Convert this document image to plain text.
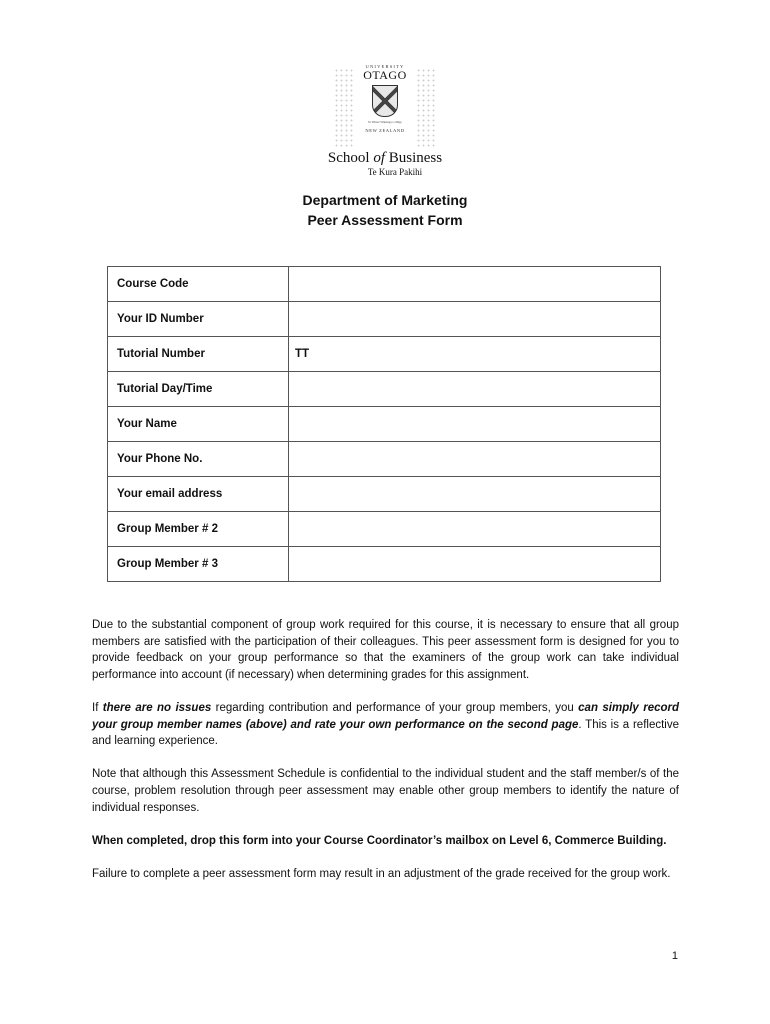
UNIVERSITY
OTAGO
Te Whare Wānanga o Otāgo
NEW ZEALAND
School of Business
Te Kura Pakihi
Department of Marketing
Peer Assessment Form
Course Code	
Your ID Number	
Tutorial Number	TT
Tutorial Day/Time	
Your Name	
Your Phone No.	
Your email address	
Group Member # 2	
Group Member # 3	

Due to the substantial component of group work required for this course, it is necessary to ensure that all group members are satisfied with the participation of their colleagues. This peer assessment form is designed for you to provide feedback on your group performance so that the examiners of the group work can take individual performance into account (if necessary) when determining grades for this assignment.

If there are no issues regarding contribution and performance of your group members, you can simply record your group member names (above) and rate your own performance on the second page. This is a reflective and learning experience.

Note that although this Assessment Schedule is confidential to the individual student and the staff member/s of the course, problem resolution through peer assessment may enable other group members to identify the nature of individual responses.

When completed, drop this form into your Course Coordinator’s mailbox on Level 6, Commerce Building.

Failure to complete a peer assessment form may result in an adjustment of the grade received for the group work.

1
